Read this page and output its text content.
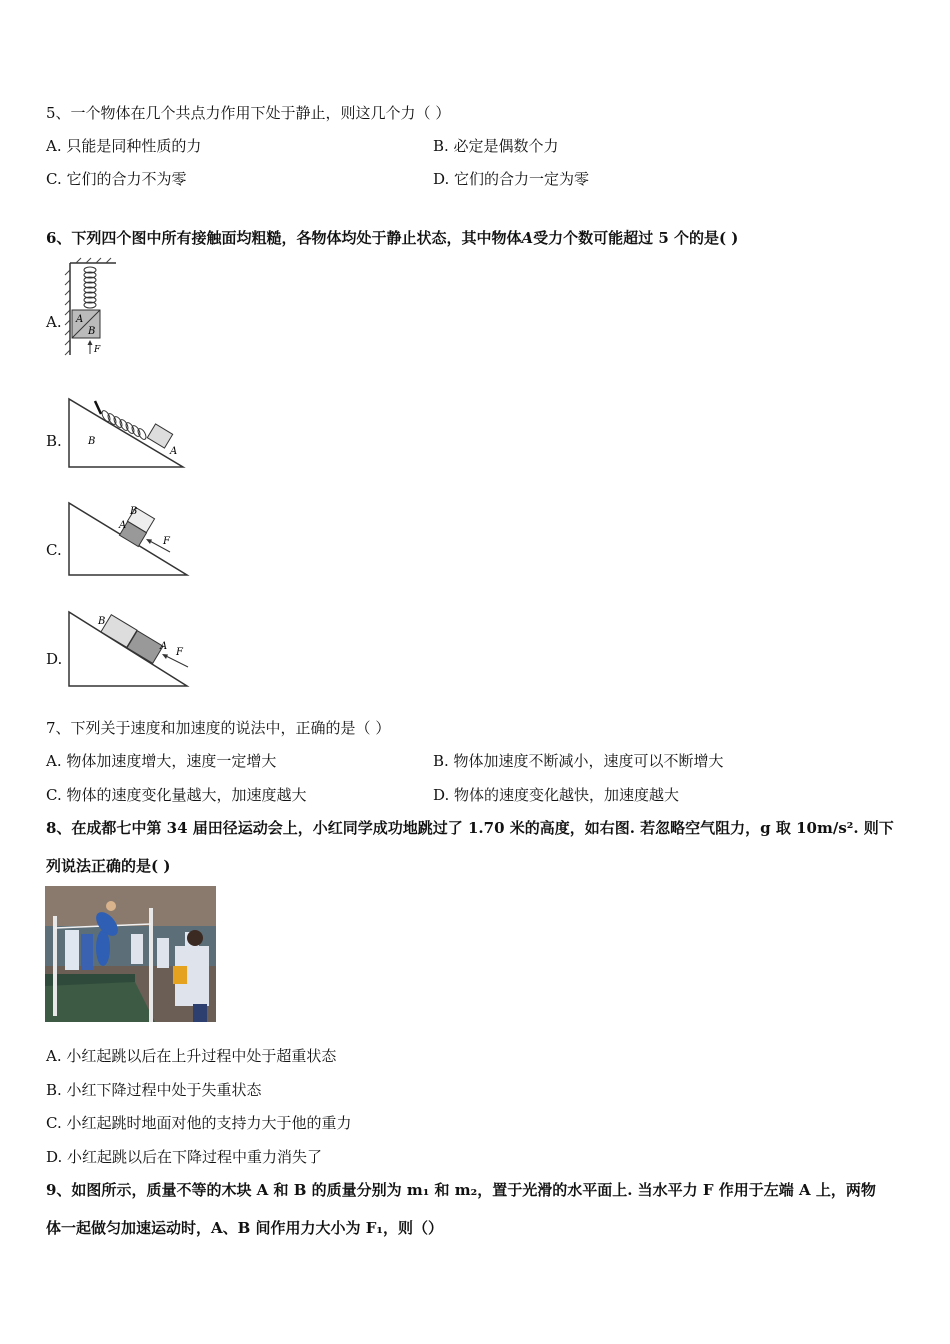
5、一个物体在几个共点力作用下处于静止，则这几个力（ ）
A. 只能是同种性质的力	B. 必定是偶数个力
C. 它们的合力不为零	D. 它们的合力一定为零
6、下列四个图中所有接触面均粗糙，各物体均处于静止状态，其中物体A受力个数可能超过 5 个的是( )
A. A
B
F
B.
A
B
C.
B
A
F
D.
B
A
F
7、下列关于速度和加速度的说法中，正确的是（ ）
A. 物体加速度增大，速度一定增大	B. 物体加速度不断减小，速度可以不断增大
C. 物体的速度变化量越大，加速度越大	D. 物体的速度变化越快，加速度越大
8、在成都七中第 34 届田径运动会上，小红同学成功地跳过了 1.70 米的高度，如右图. 若忽略空气阻力，g 取 10m/s². 则下
列说法正确的是( )
A. 小红起跳以后在上升过程中处于超重状态
B. 小红下降过程中处于失重状态
C. 小红起跳时地面对他的支持力大于他的重力
D. 小红起跳以后在下降过程中重力消失了
9、如图所示，质量不等的木块 A 和 B 的质量分别为 m₁ 和 m₂，置于光滑的水平面上. 当水平力 F 作用于左端 A 上，两物
体一起做匀加速运动时，A、B 间作用力大小为 F₁，则（）
